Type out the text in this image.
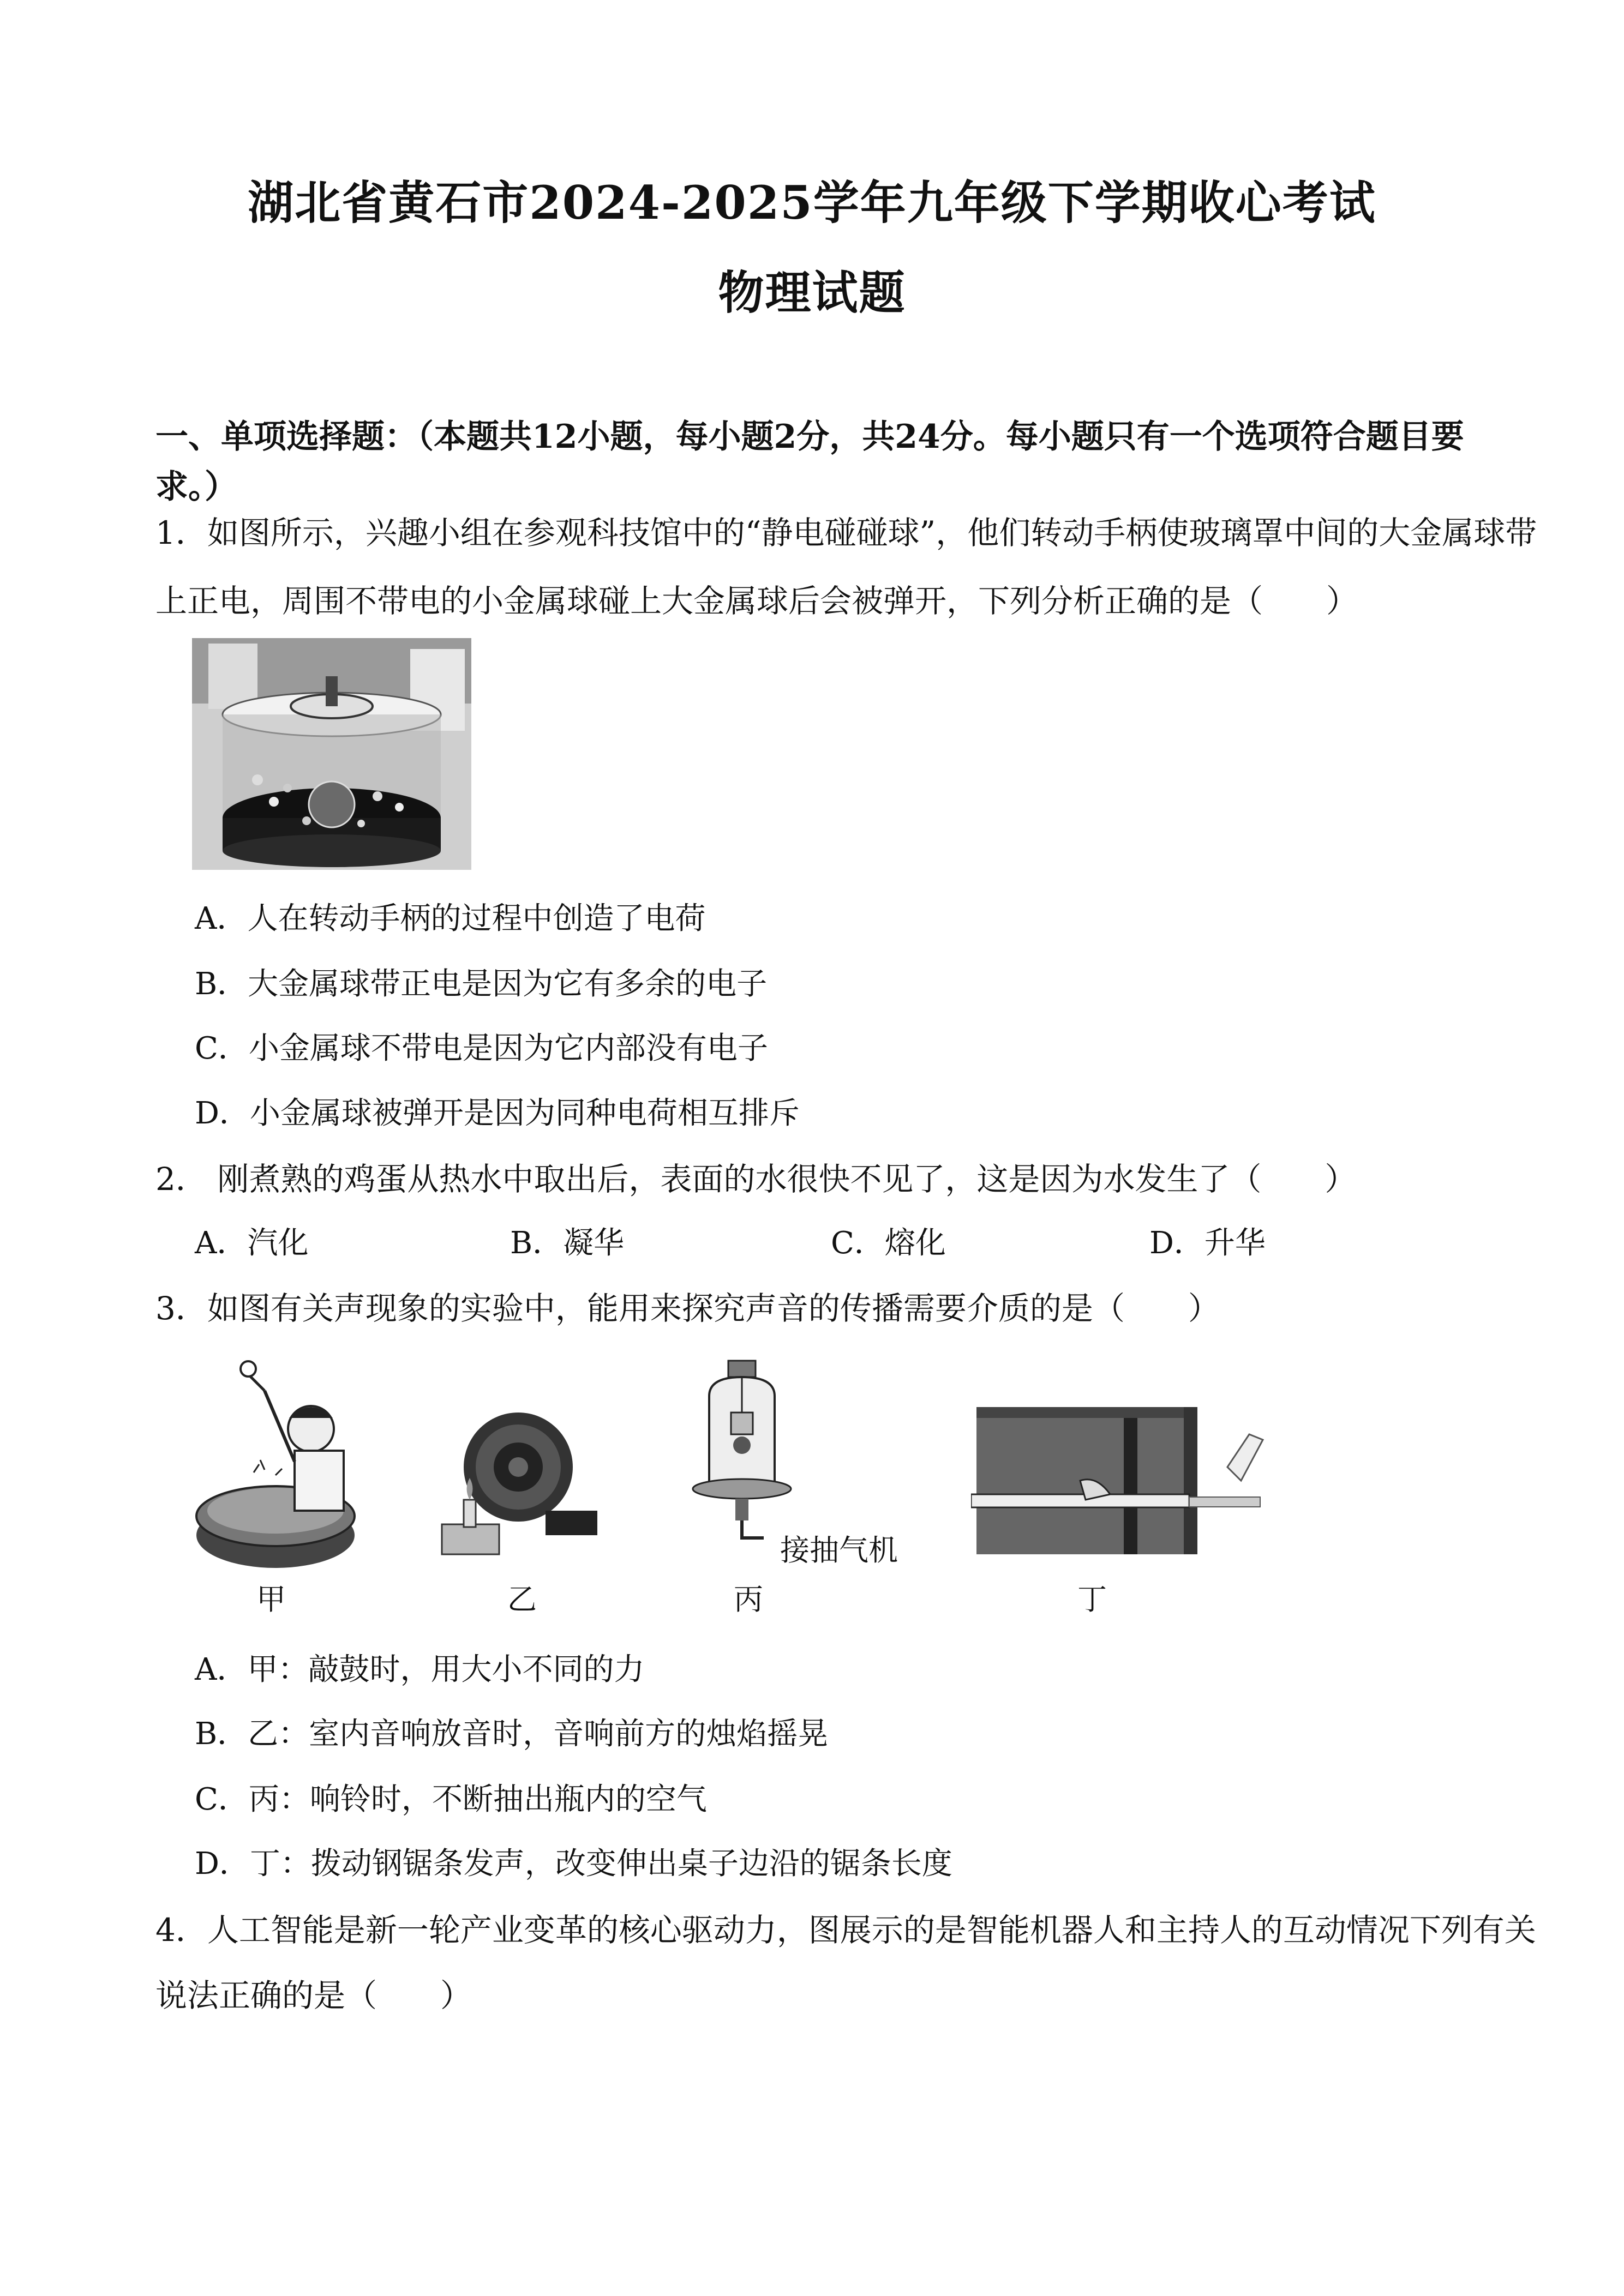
湖北省黄石市2024-2025学年九年级下学期收心考试
物理试题
一、单项选择题：（本题共12小题，每小题2分，共24分。每小题只有一个选项符合题目要求。）
1．如图所示，兴趣小组在参观科技馆中的“静电碰碰球”，他们转动手柄使玻璃罩中间的大金属球带
上正电，周围不带电的小金属球碰上大金属球后会被弹开，下列分析正确的是（　　）
A．人在转动手柄的过程中创造了电荷
B．大金属球带正电是因为它有多余的电子
C．小金属球不带电是因为它内部没有电子
D．小金属球被弹开是因为同种电荷相互排斥
2． 刚煮熟的鸡蛋从热水中取出后，表面的水很快不见了，这是因为水发生了（　　）
A．汽化	B．凝华	C．熔化	D．升华
3．如图有关声现象的实验中，能用来探究声音的传播需要介质的是（　　）
甲	乙
接抽气机
丙	丁
A．甲：敲鼓时，用大小不同的力
B．乙：室内音响放音时，音响前方的烛焰摇晃
C．丙：响铃时，不断抽出瓶内的空气
D．丁：拨动钢锯条发声，改变伸出桌子边沿的锯条长度
4．人工智能是新一轮产业变革的核心驱动力，图展示的是智能机器人和主持人的互动情况下列有关
说法正确的是（　　）
